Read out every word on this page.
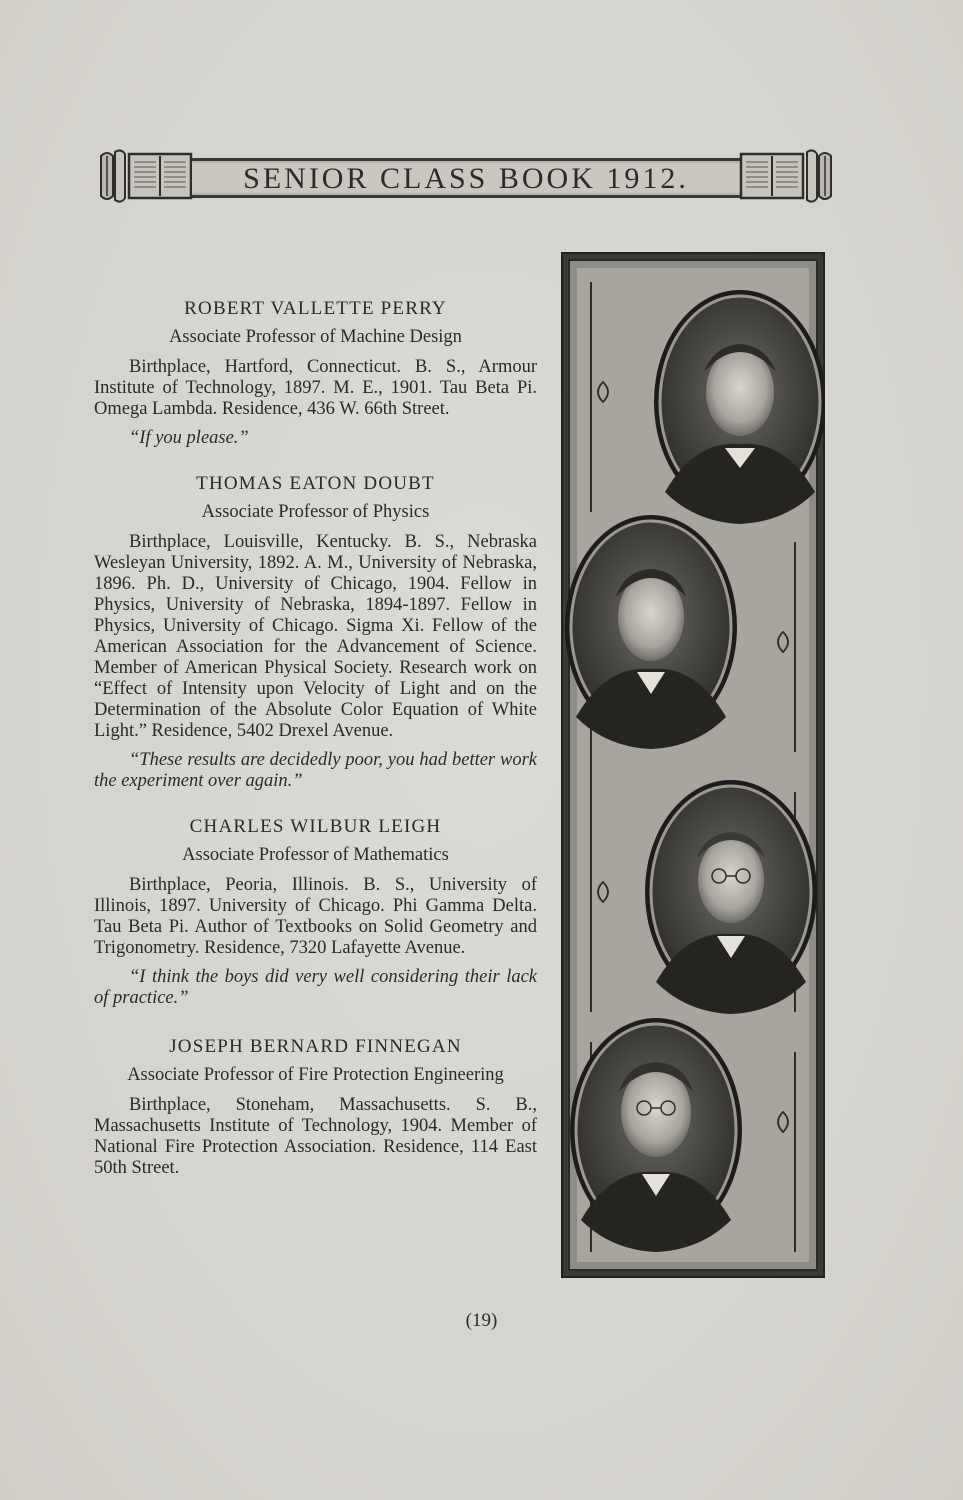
SENIOR CLASS BOOK 1912.

ROBERT VALLETTE PERRY

Associate Professor of Machine Design

Birthplace, Hartford, Connecticut. B. S., Armour Institute of Technology, 1897. M. E., 1901. Tau Beta Pi. Omega Lambda. Residence, 436 W. 66th Street.

“If you please.”

THOMAS EATON DOUBT

Associate Professor of Physics

Birthplace, Louisville, Kentucky. B. S., Nebraska Wesleyan University, 1892. A. M., University of Nebraska, 1896. Ph. D., University of Chicago, 1904. Fellow in Physics, University of Nebraska, 1894-1897. Fellow in Physics, University of Chicago. Sigma Xi. Fellow of the American Association for the Advancement of Science. Member of American Physical Society. Research work on “Effect of Intensity upon Velocity of Light and on the Determination of the Absolute Color Equation of White Light.” Residence, 5402 Drexel Avenue.

“These results are decidedly poor, you had better work the experiment over again.”

CHARLES WILBUR LEIGH

Associate Professor of Mathematics

Birthplace, Peoria, Illinois. B. S., University of Illinois, 1897. University of Chicago. Phi Gamma Delta. Tau Beta Pi. Author of Textbooks on Solid Geometry and Trigonometry. Residence, 7320 Lafayette Avenue.

“I think the boys did very well considering their lack of practice.”

JOSEPH BERNARD FINNEGAN

Associate Professor of Fire Protection Engineering

Birthplace, Stoneham, Massachusetts. S. B., Massachusetts Institute of Technology, 1904. Member of National Fire Protection Association. Residence, 114 East 50th Street.

(19)
